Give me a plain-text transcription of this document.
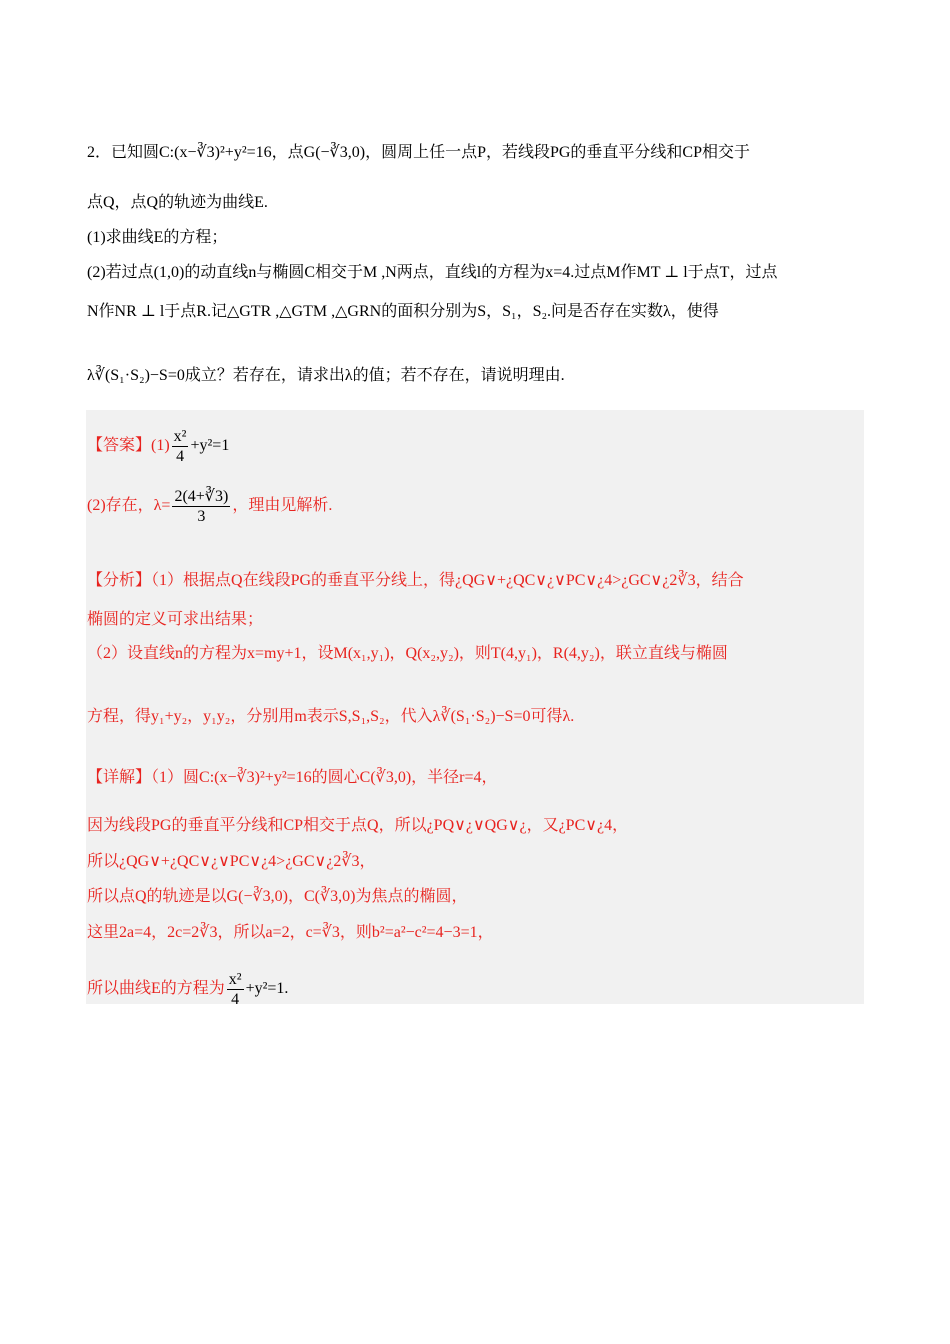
2．已知圆C:(x−∛3)²+y²=16，点G(−∛3,0)，圆周上任一点P，若线段PG的垂直平分线和CP相交于
点Q，点Q的轨迹为曲线E.
(1)求曲线E的方程；
(2)若过点(1,0)的动直线n与椭圆C相交于M ,N两点，直线l的方程为x=4.过点M作MT ⊥ l于点T，过点
N作NR ⊥ l于点R.记△GTR ,△GTM ,△GRN的面积分别为S，S₁，S₂.问是否存在实数λ，使得
λ∛(S₁·S₂)−S=0成立？若存在，请求出λ的值；若不存在，请说明理由.
【答案】$(1) \frac{\text{x²}}{4} +y^2=1$
(2)存在，$\lambda= \frac{2(4+∛3)}{3}$ ，理由见解析.
【分析】（1）根据点Q在线段PG的垂直平分线上，得¿QG∨+¿QC∨¿∨PC∨¿4>¿GC∨¿2∛3，结合
椭圆的定义可求出结果；
（2）设直线n的方程为x=my+1，设M(x₁,y₁)，Q(x₂,y₂)，则T(4,y₁)，R(4,y₂)，联立直线与椭圆
方程，得y₁+y₂，y₁y₂，分别用m表示S,S₁,S₂，代入λ∛(S₁·S₂)−S=0可得λ.
【详解】（1）圆C:(x−∛3)²+y²=16的圆心C(∛3,0)，半径r=4，
因为线段PG的垂直平分线和CP相交于点Q，所以¿PQ∨¿∨QG∨¿，又¿PC∨¿4，
所以¿QG∨+¿QC∨¿∨PC∨¿4>¿GC∨¿2∛3，
所以点Q的轨迹是以G(−∛3,0)，C(∛3,0)为焦点的椭圆，
这里2a=4，2c=2∛3，所以a=2，c=∛3，则b²=a²−c²=4−3=1，
所以曲线E的方程为 $\frac{\text{x²}}{4} +y^2=1$.
